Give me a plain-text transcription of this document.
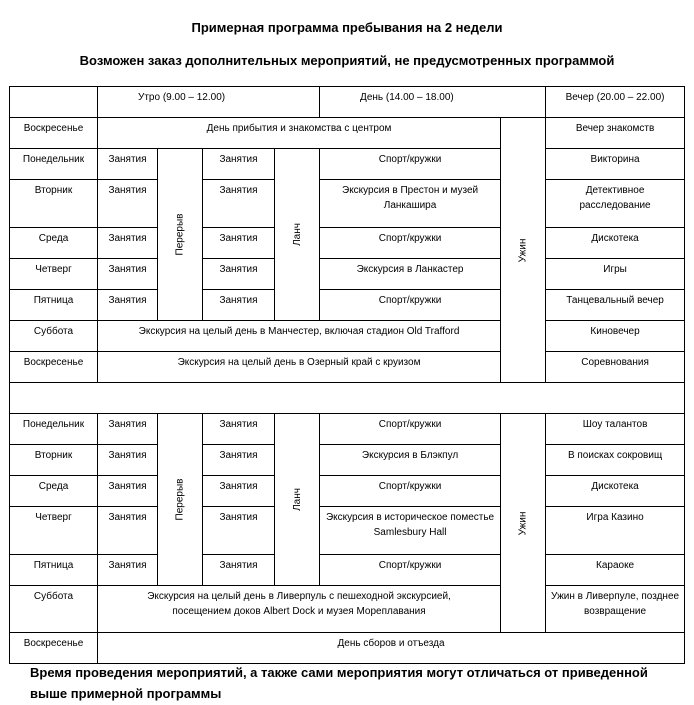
Примерная программа пребывания на 2 недели
Возможен заказ дополнительных мероприятий, не предусмотренных программой
	Утро (9.00 – 12.00)				День (14.00 – 18.00)		Вечер (20.00 – 22.00)
Воскресенье	День прибытия и знакомства с центром					Ужин	Вечер знакомств
Понедельник	Занятия	Перерыв	Занятия	Ланч	Спорт/кружки		Викторина
Вторник	Занятия		Занятия		Экскурсия в Престон и музей Ланкашира		Детективное расследование
Среда	Занятия		Занятия		Спорт/кружки		Дискотека
Четверг	Занятия		Занятия		Экскурсия в Ланкастер		Игры
Пятница	Занятия		Занятия		Спорт/кружки		Танцевальный вечер
Суббота	Экскурсия на целый день в Манчестер, включая стадион Old Trafford						Киновечер
Воскресенье	Экскурсия на целый день в Озерный край с круизом						Соревнования

Понедельник	Занятия	Перерыв	Занятия	Ланч	Спорт/кружки	Ужин	Шоу талантов
Вторник	Занятия		Занятия		Экскурсия в Блэкпул		В поисках сокровищ
Среда	Занятия		Занятия		Спорт/кружки		Дискотека
Четверг	Занятия		Занятия		Экскурсия в историческое поместье Samlesbury Hall		Игра Казино
Пятница	Занятия		Занятия		Спорт/кружки		Караоке
Суббота	Экскурсия на целый день в Ливерпуль с пешеходной экскурсией, посещением доков Albert Dock и музея Мореплавания						Ужин в Ливерпуле, позднее возвращение
Воскресенье	День сборов и отъезда						
Время проведения мероприятий, а также сами мероприятия могут отличаться от приведенной выше примерной программы
